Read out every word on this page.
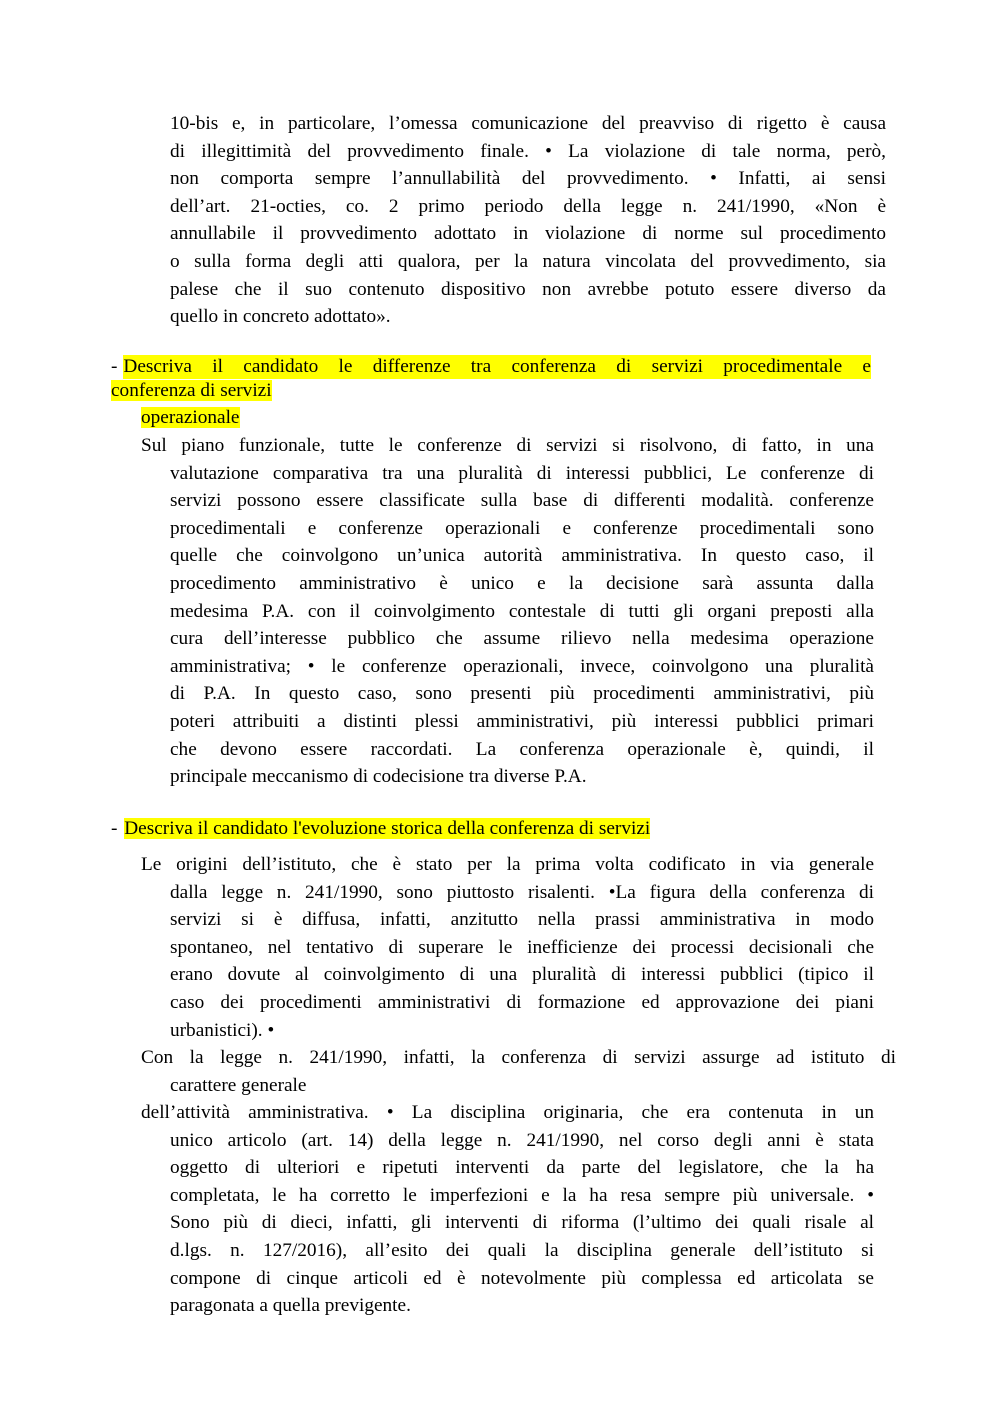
10-bis e, in particolare, l’omessa comunicazione del preavviso di rigetto è causa
di illegittimità del provvedimento finale. • La violazione di tale norma, però,
non comporta sempre l’annullabilità del provvedimento. • Infatti, ai sensi
dell’art. 21-octies, co. 2 primo periodo della legge n. 241/1990, «Non è
annullabile il provvedimento adottato in violazione di norme sul procedimento
o sulla forma degli atti qualora, per la natura vincolata del provvedimento, sia
palese che il suo contenuto dispositivo non avrebbe potuto essere diverso da
quello in concreto adottato».
- Descriva il candidato le differenze tra conferenza di servizi procedimentale e
conferenza di servizi
operazionale
Sul piano funzionale, tutte le conferenze di servizi si risolvono, di fatto, in una
valutazione comparativa tra una pluralità di interessi pubblici, Le conferenze di
servizi possono essere classificate sulla base di differenti modalità. conferenze
procedimentali e conferenze operazionali e conferenze procedimentali sono
quelle che coinvolgono un’unica autorità amministrativa. In questo caso, il
procedimento amministrativo è unico e la decisione sarà assunta dalla
medesima P.A. con il coinvolgimento contestale di tutti gli organi preposti alla
cura dell’interesse pubblico che assume rilievo nella medesima operazione
amministrativa; • le conferenze operazionali, invece, coinvolgono una pluralità
di P.A. In questo caso, sono presenti più procedimenti amministrativi, più
poteri attribuiti a distinti plessi amministrativi, più interessi pubblici primari
che devono essere raccordati. La conferenza operazionale è, quindi, il
principale meccanismo di codecisione tra diverse P.A.
- Descriva il candidato l'evoluzione storica della conferenza di servizi
Le origini dell’istituto, che è stato per la prima volta codificato in via generale
dalla legge n. 241/1990, sono piuttosto risalenti. •La figura della conferenza di
servizi si è diffusa, infatti, anzitutto nella prassi amministrativa in modo
spontaneo, nel tentativo di superare le inefficienze dei processi decisionali che
erano dovute al coinvolgimento di una pluralità di interessi pubblici (tipico il
caso dei procedimenti amministrativi di formazione ed approvazione dei piani
urbanistici). •
Con la legge n. 241/1990, infatti, la conferenza di servizi assurge ad istituto di
carattere generale
dell’attività amministrativa. • La disciplina originaria, che era contenuta in un
unico articolo (art. 14) della legge n. 241/1990, nel corso degli anni è stata
oggetto di ulteriori e ripetuti interventi da parte del legislatore, che la ha
completata, le ha corretto le imperfezioni e la ha resa sempre più universale. •
Sono più di dieci, infatti, gli interventi di riforma (l’ultimo dei quali risale al
d.lgs. n. 127/2016), all’esito dei quali la disciplina generale dell’istituto si
compone di cinque articoli ed è notevolmente più complessa ed articolata se
paragonata a quella previgente.
